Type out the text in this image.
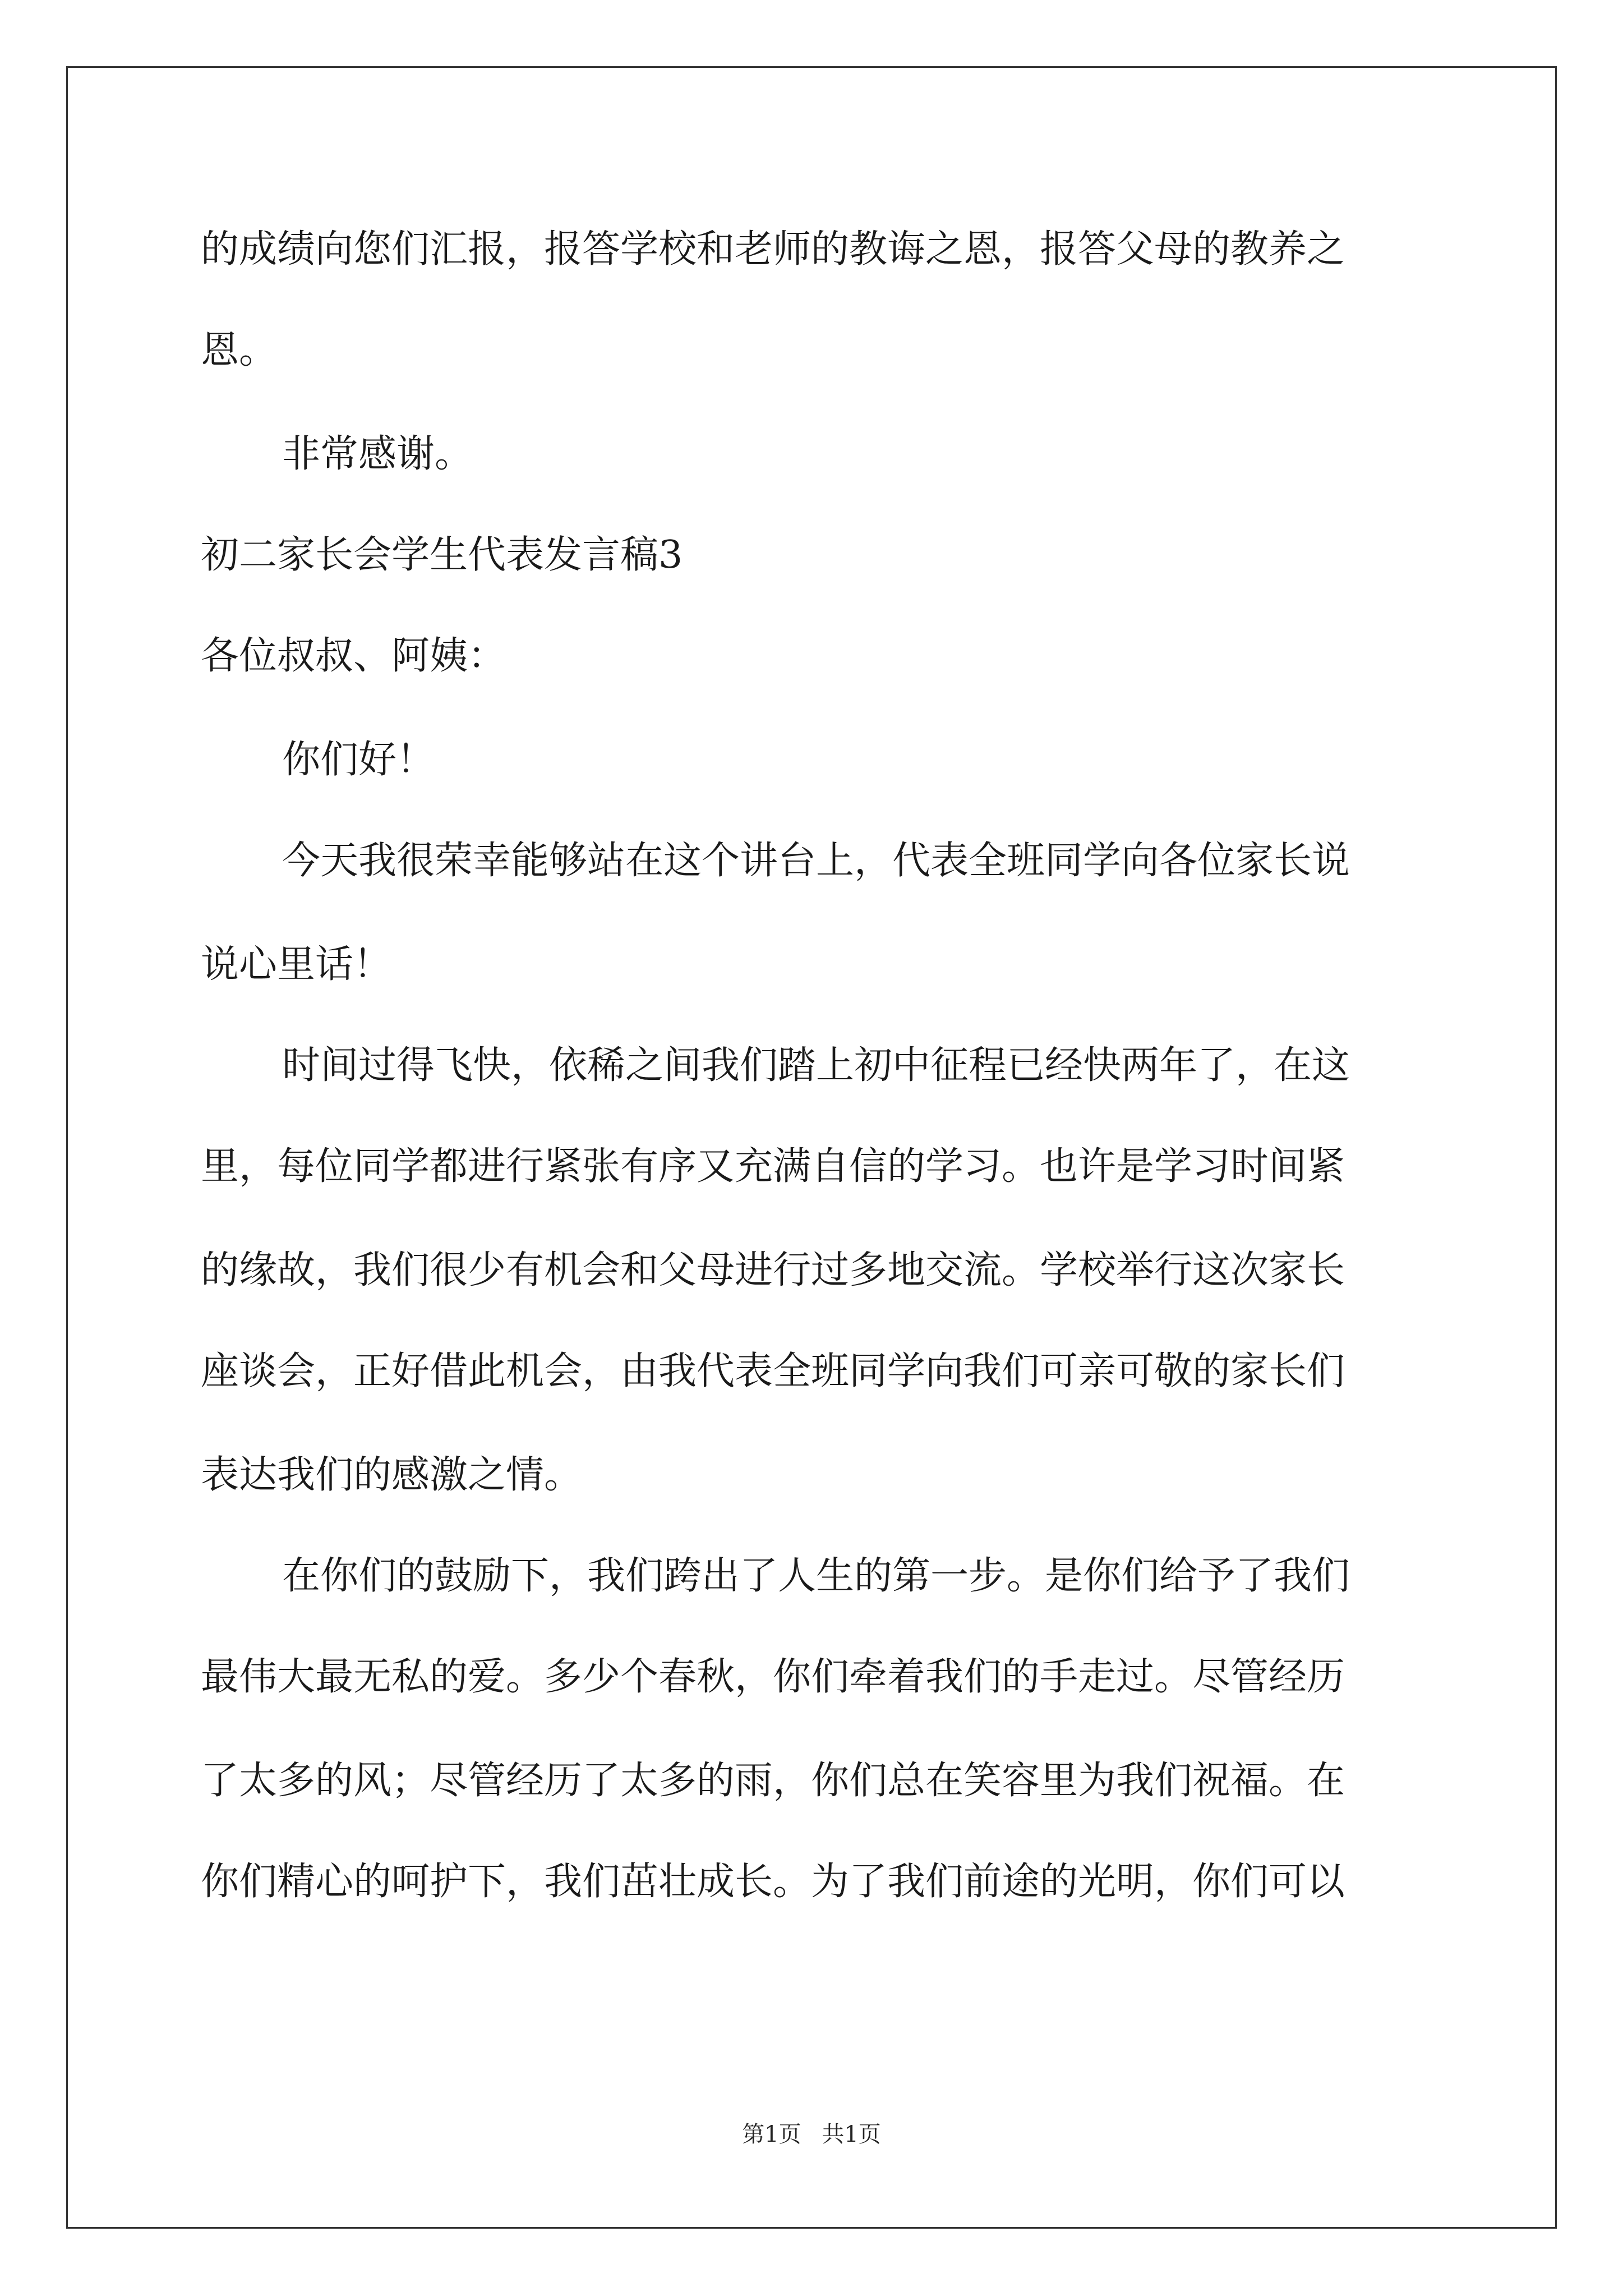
的成绩向您们汇报，报答学校和老师的教诲之恩，报答父母的教养之
恩。
非常感谢。
初二家长会学生代表发言稿3
各位叔叔、阿姨：
你们好！
今天我很荣幸能够站在这个讲台上，代表全班同学向各位家长说
说心里话！
时间过得飞快，依稀之间我们踏上初中征程已经快两年了，在这
里，每位同学都进行紧张有序又充满自信的学习。也许是学习时间紧
的缘故，我们很少有机会和父母进行过多地交流。学校举行这次家长
座谈会，正好借此机会，由我代表全班同学向我们可亲可敬的家长们
表达我们的感激之情。
在你们的鼓励下，我们跨出了人生的第一步。是你们给予了我们
最伟大最无私的爱。多少个春秋，你们牵着我们的手走过。尽管经历
了太多的风；尽管经历了太多的雨，你们总在笑容里为我们祝福。在
你们精心的呵护下，我们茁壮成长。为了我们前途的光明，你们可以
第1页 共1页
